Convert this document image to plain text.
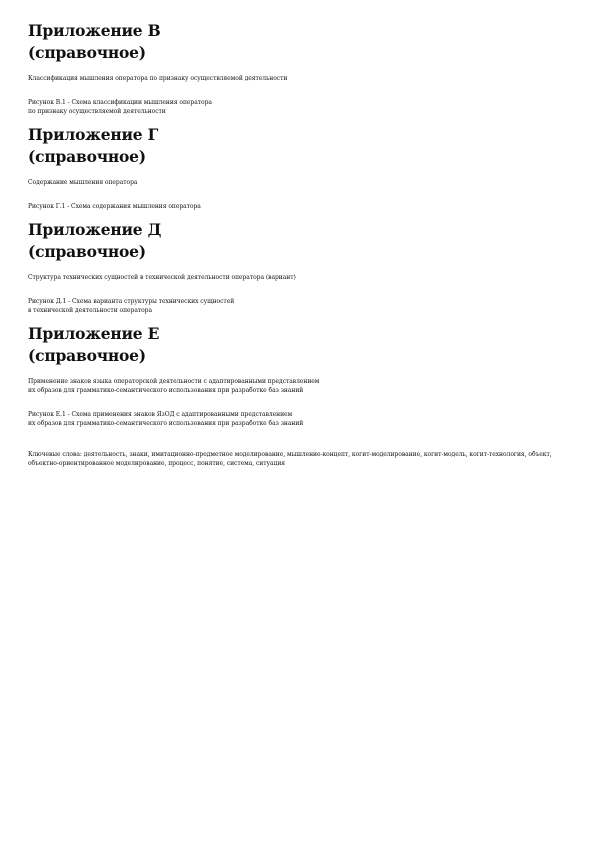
Приложение В
(справочное)

Классификация мышления оператора по признаку осуществляемой деятельности

Рисунок В.1 - Схема классификации мышления оператора
по признаку осуществляемой деятельности

Приложение Г
(справочное)

Содержание мышления оператора

Рисунок Г.1 - Схема содержания мышления оператора

Приложение Д
(справочное)

Структура технических сущностей в технической деятельности оператора (вариант)

Рисунок Д.1 - Схема варианта структуры технических сущностей
в технической деятельности оператора

Приложение Е
(справочное)

Применение знаков языка операторской деятельности с адаптированными представлением
их образов для грамматико-семантического использования при разработке баз знаний

Рисунок Е.1 - Схема применения знаков ЯзОД с адаптированными представлением
их образов для грамматико-семантического использования при разработке баз знаний

Ключевые слова: деятельность, знаки, имитационно-предметное моделирование, мышление-концепт, когит-моделирование, когит-модель, когит-технология, объект, объектно-ориентированное моделирование, процесс, понятие, система, ситуация
